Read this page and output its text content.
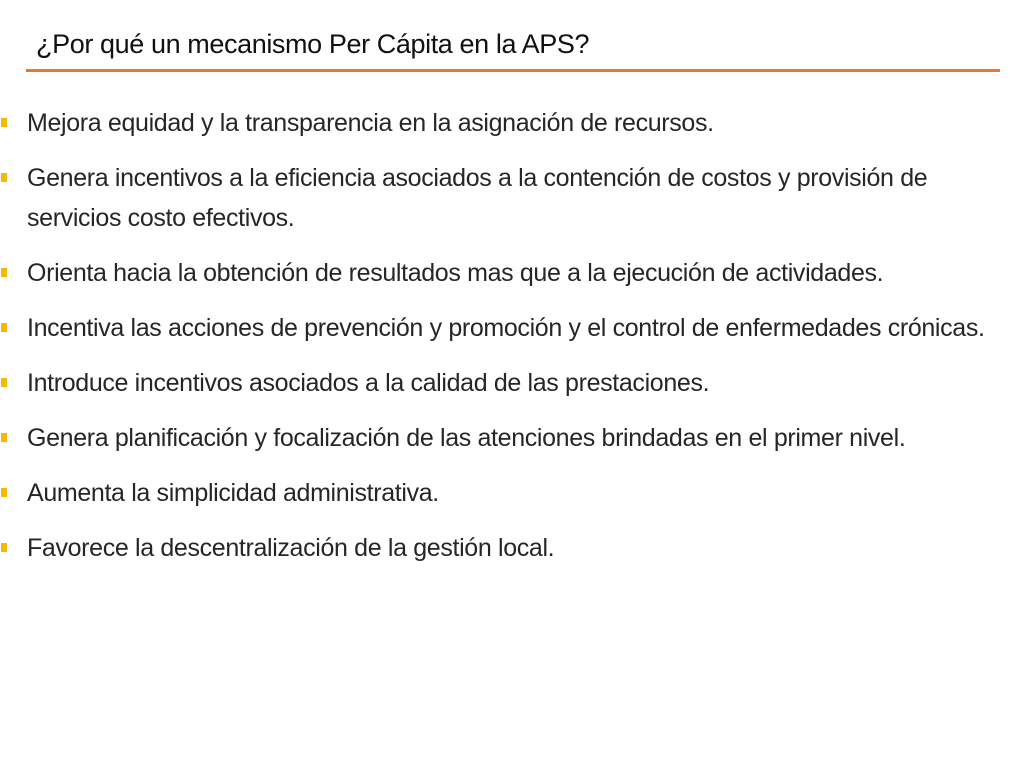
¿Por qué un mecanismo Per Cápita en la APS?
Mejora equidad y la transparencia en la asignación de recursos.
Genera incentivos a la eficiencia asociados a la contención de costos y provisión de servicios costo efectivos.
Orienta hacia la obtención de resultados mas que a la ejecución de actividades.
Incentiva las acciones de prevención y promoción y el control de enfermedades crónicas.
Introduce incentivos asociados a la calidad de las prestaciones.
Genera planificación y focalización de las atenciones brindadas en el primer nivel.
Aumenta la simplicidad administrativa.
Favorece la descentralización de la gestión local.
